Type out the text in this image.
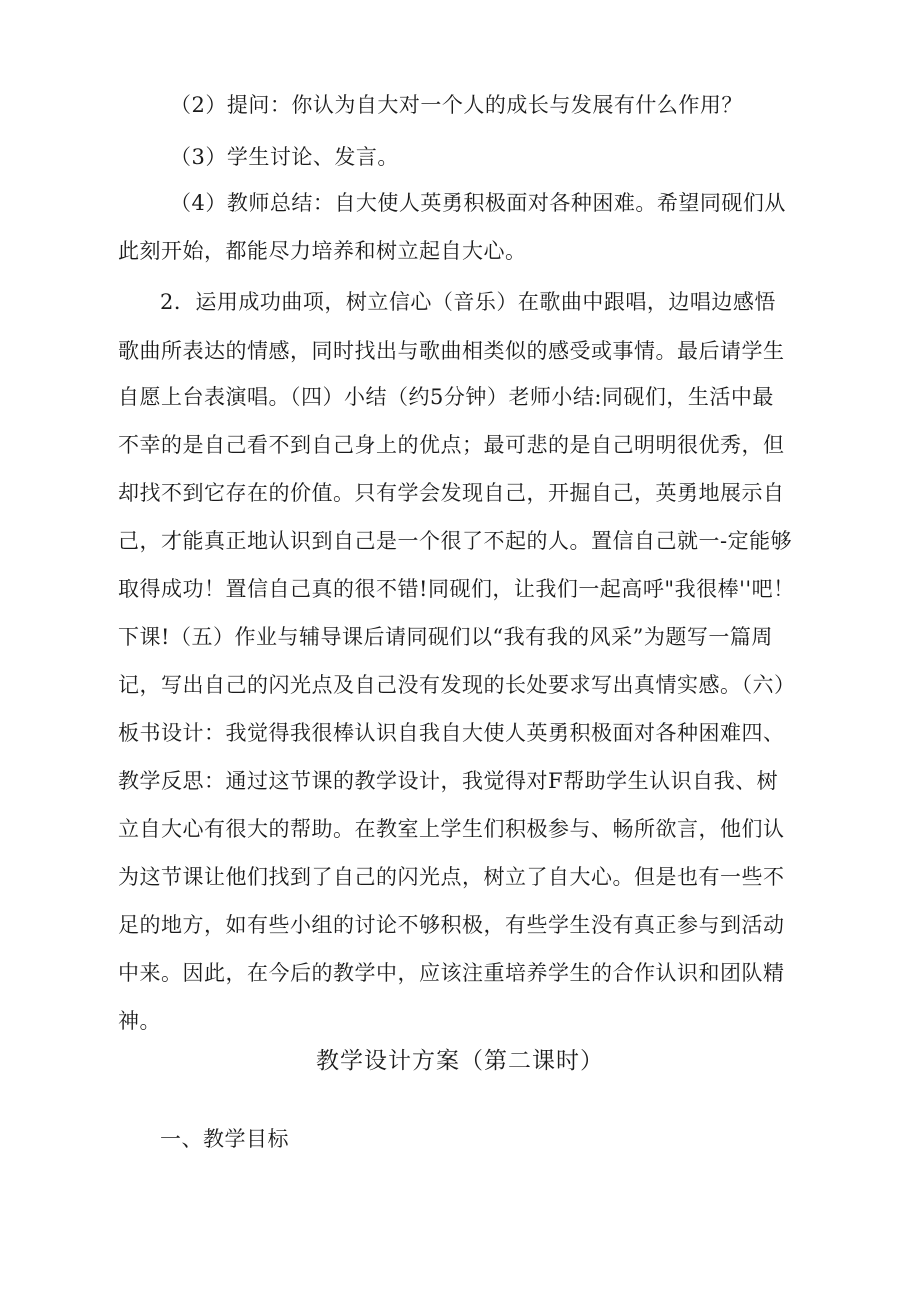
（2）提问：你认为自大对一个人的成长与发展有什么作用？
（3）学生讨论、发言。
（4）教师总结：自大使人英勇积极面对各种困难。希望同砚们从
此刻开始，都能尽力培养和树立起自大心。
2．运用成功曲项，树立信心（音乐）在歌曲中跟唱，边唱边感悟
歌曲所表达的情感，同时找出与歌曲相类似的感受或事情。最后请学生
自愿上台表演唱。（四）小结（约5分钟）老师小结:同砚们，生活中最
不幸的是自己看不到自己身上的优点；最可悲的是自己明明很优秀，但
却找不到它存在的价值。只有学会发现自己，开掘自己，英勇地展示自
己，才能真正地认识到自己是一个很了不起的人。置信自己就一-定能够
取得成功！置信自己真的很不错!同砚们，让我们一起高呼"我很棒''吧！
下课!（五）作业与辅导课后请同砚们以“我有我的风采”为题写一篇周
记，写出自己的闪光点及自己没有发现的长处要求写出真情实感。（六）
板书设计：我觉得我很棒认识自我自大使人英勇积极面对各种困难四、
教学反思：通过这节课的教学设计，我觉得对F帮助学生认识自我、树
立自大心有很大的帮助。在教室上学生们积极参与、畅所欲言，他们认
为这节课让他们找到了自己的闪光点，树立了自大心。但是也有一些不
足的地方，如有些小组的讨论不够积极，有些学生没有真正参与到活动
中来。因此，在今后的教学中，应该注重培养学生的合作认识和团队精
神。
教学设计方案（第二课时）
一、教学目标
